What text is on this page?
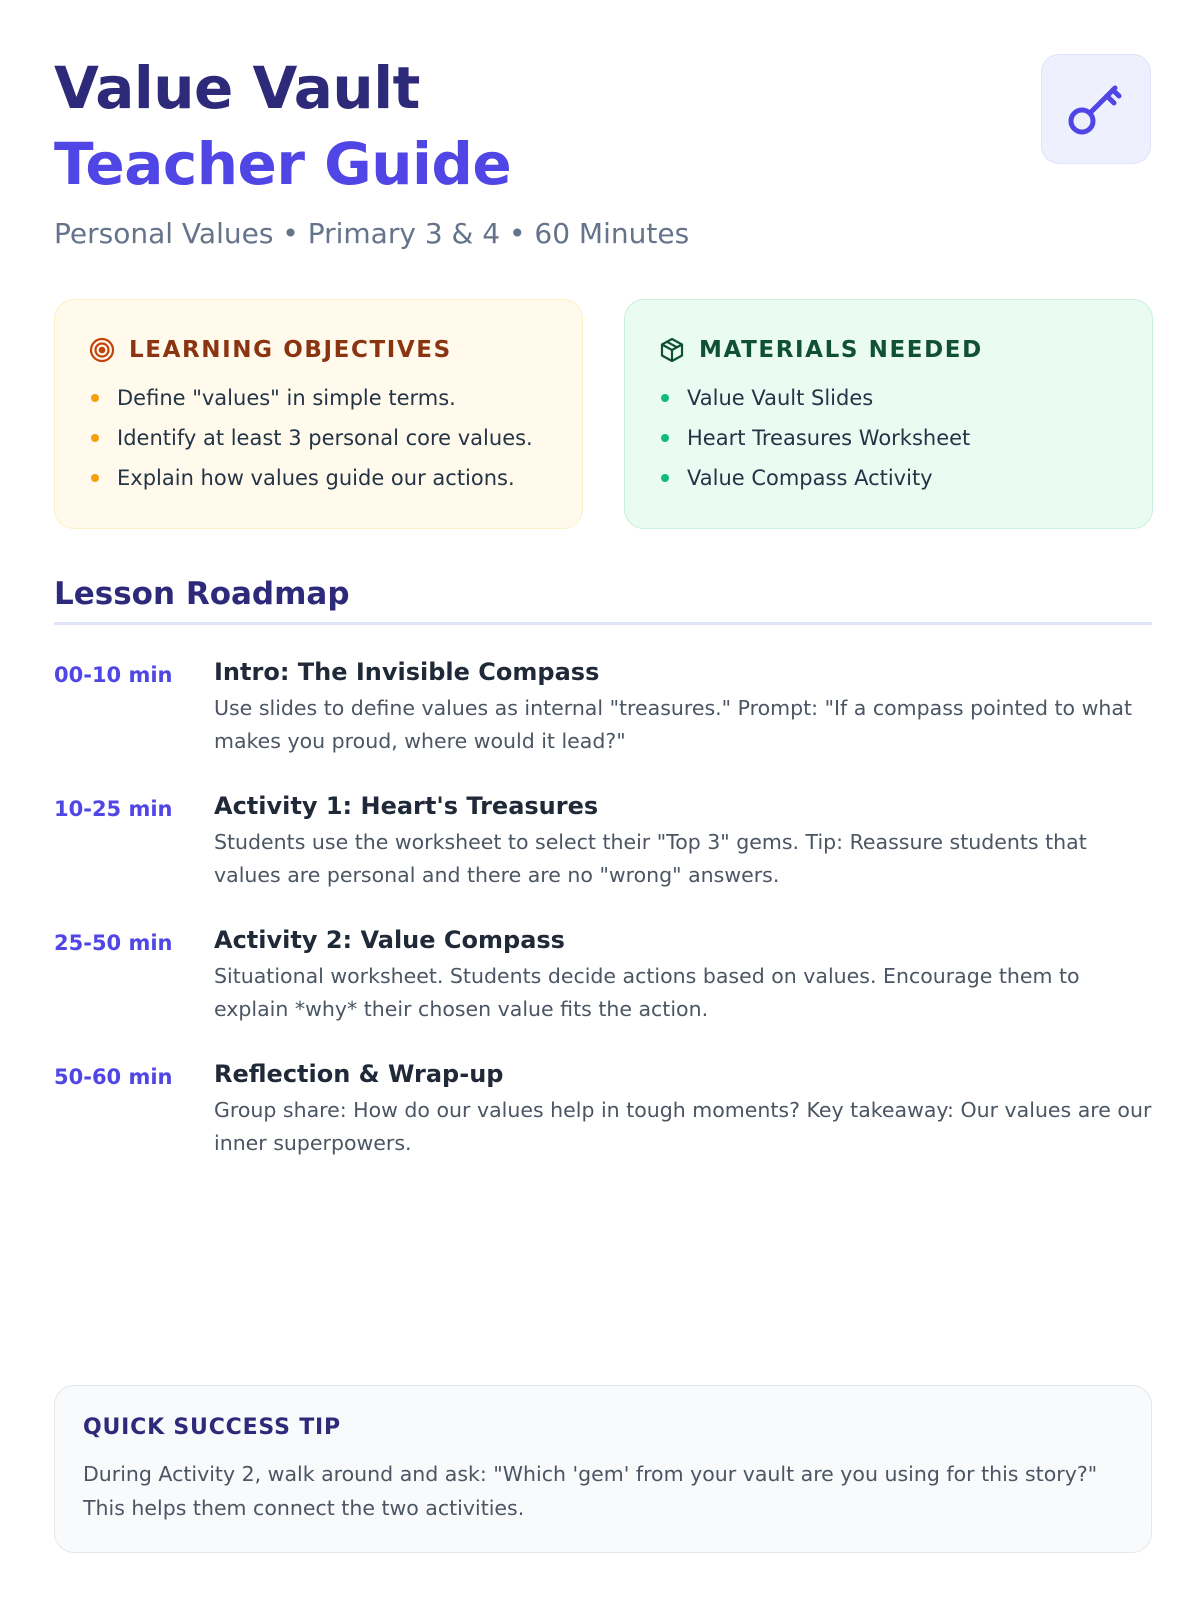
Value Vault
Teacher Guide
Personal Values • Primary 3 & 4 • 60 Minutes
LEARNING OBJECTIVES
Define "values" in simple terms.
Identify at least 3 personal core values.
Explain how values guide our actions.
MATERIALS NEEDED
Value Vault Slides
Heart Treasures Worksheet
Value Compass Activity
Lesson Roadmap
00-10 min	Intro: The Invisible Compass
Use slides to define values as internal "treasures." Prompt: "If a compass pointed to what makes you proud, where would it lead?"
10-25 min	Activity 1: Heart's Treasures
Students use the worksheet to select their "Top 3" gems. Tip: Reassure students that values are personal and there are no "wrong" answers.
25-50 min	Activity 2: Value Compass
Situational worksheet. Students decide actions based on values. Encourage them to explain *why* their chosen value fits the action.
50-60 min	Reflection & Wrap-up
Group share: How do our values help in tough moments? Key takeaway: Our values are our inner superpowers.
QUICK SUCCESS TIP
During Activity 2, walk around and ask: "Which 'gem' from your vault are you using for this story?" This helps them connect the two activities.
